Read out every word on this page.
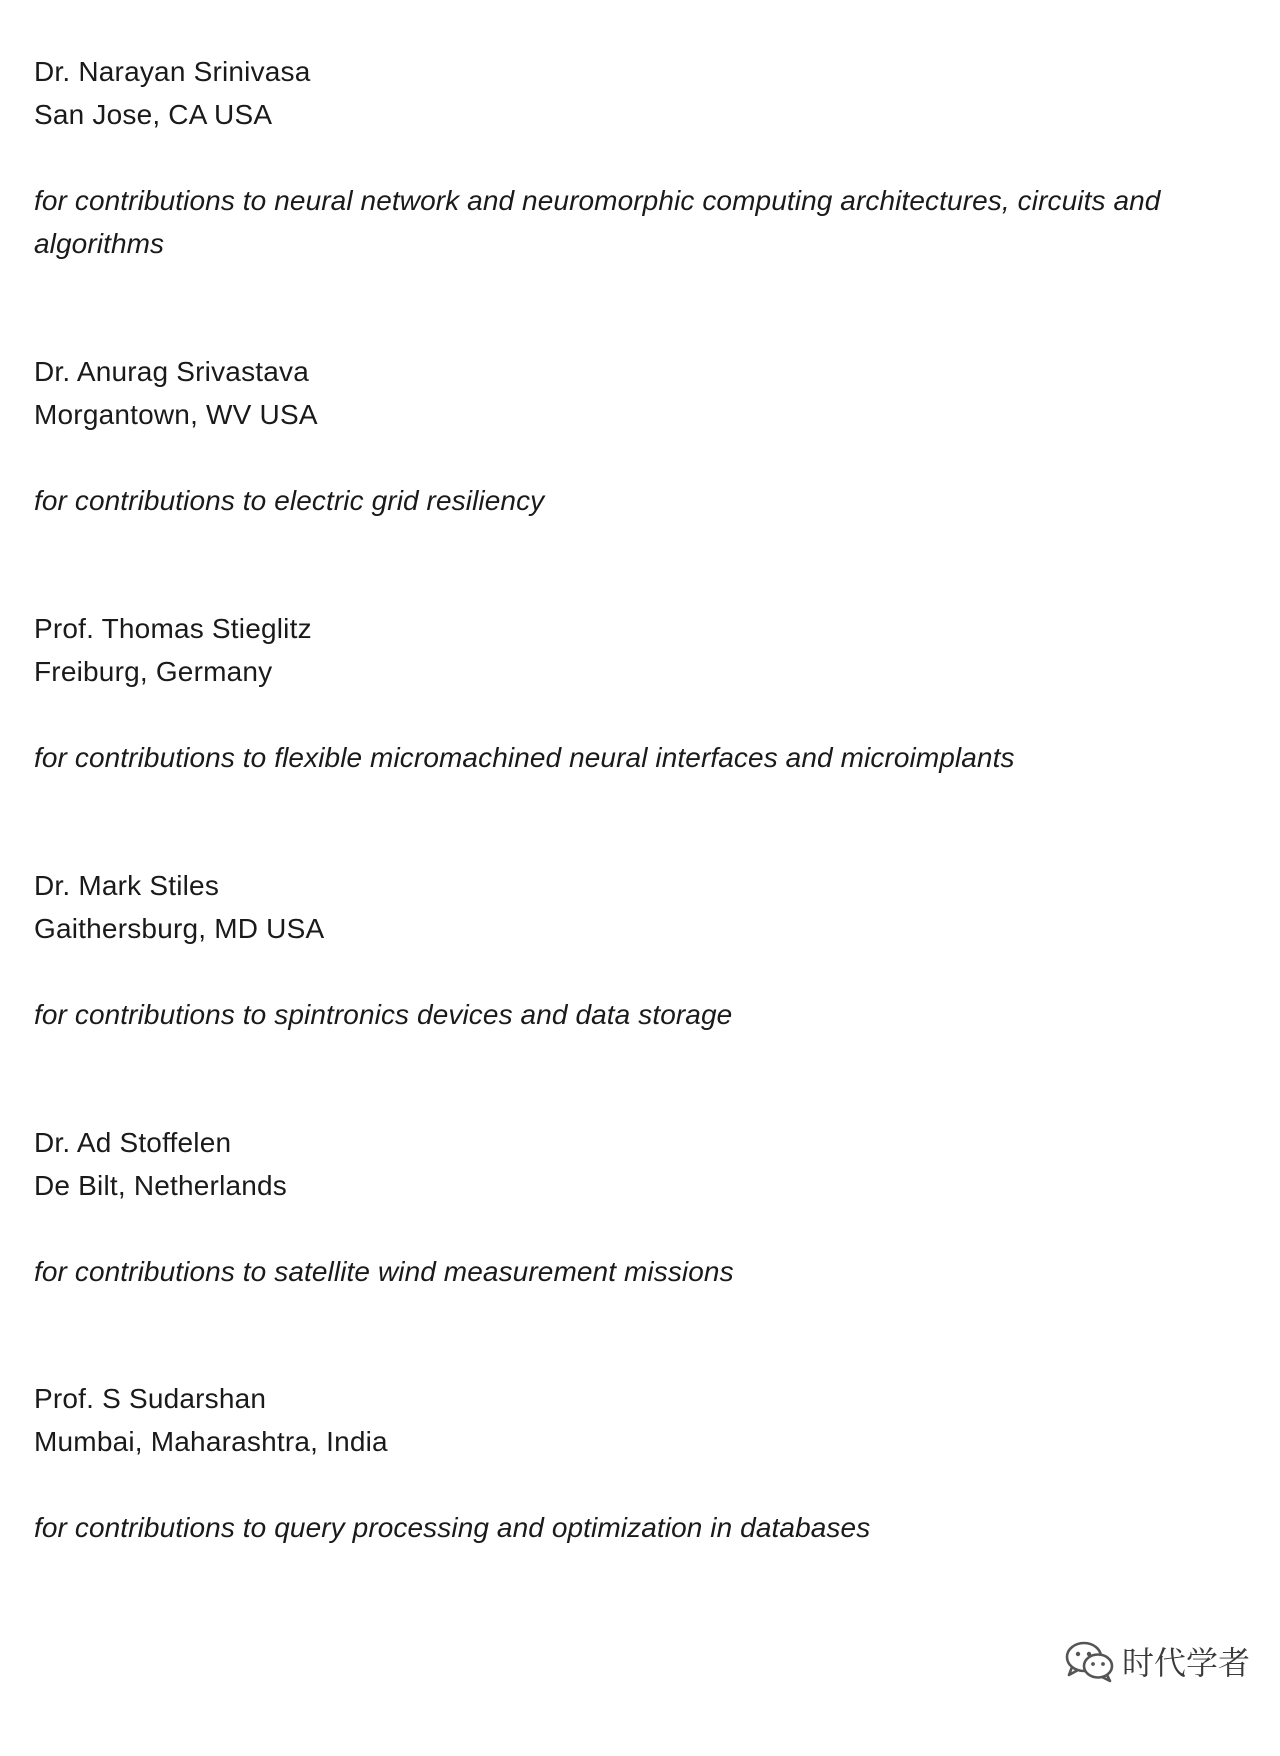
Dr. Narayan Srinivasa
San Jose, CA USA
for contributions to neural network and neuromorphic computing architectures, circuits and algorithms
Dr. Anurag Srivastava
Morgantown, WV USA
for contributions to electric grid resiliency
Prof. Thomas Stieglitz
Freiburg, Germany
for contributions to flexible micromachined neural interfaces and microimplants
Dr. Mark Stiles
Gaithersburg, MD USA
for contributions to spintronics devices and data storage
Dr. Ad Stoffelen
De Bilt, Netherlands
for contributions to satellite wind measurement missions
Prof. S Sudarshan
Mumbai, Maharashtra, India
for contributions to query processing and optimization in databases
时代学者
